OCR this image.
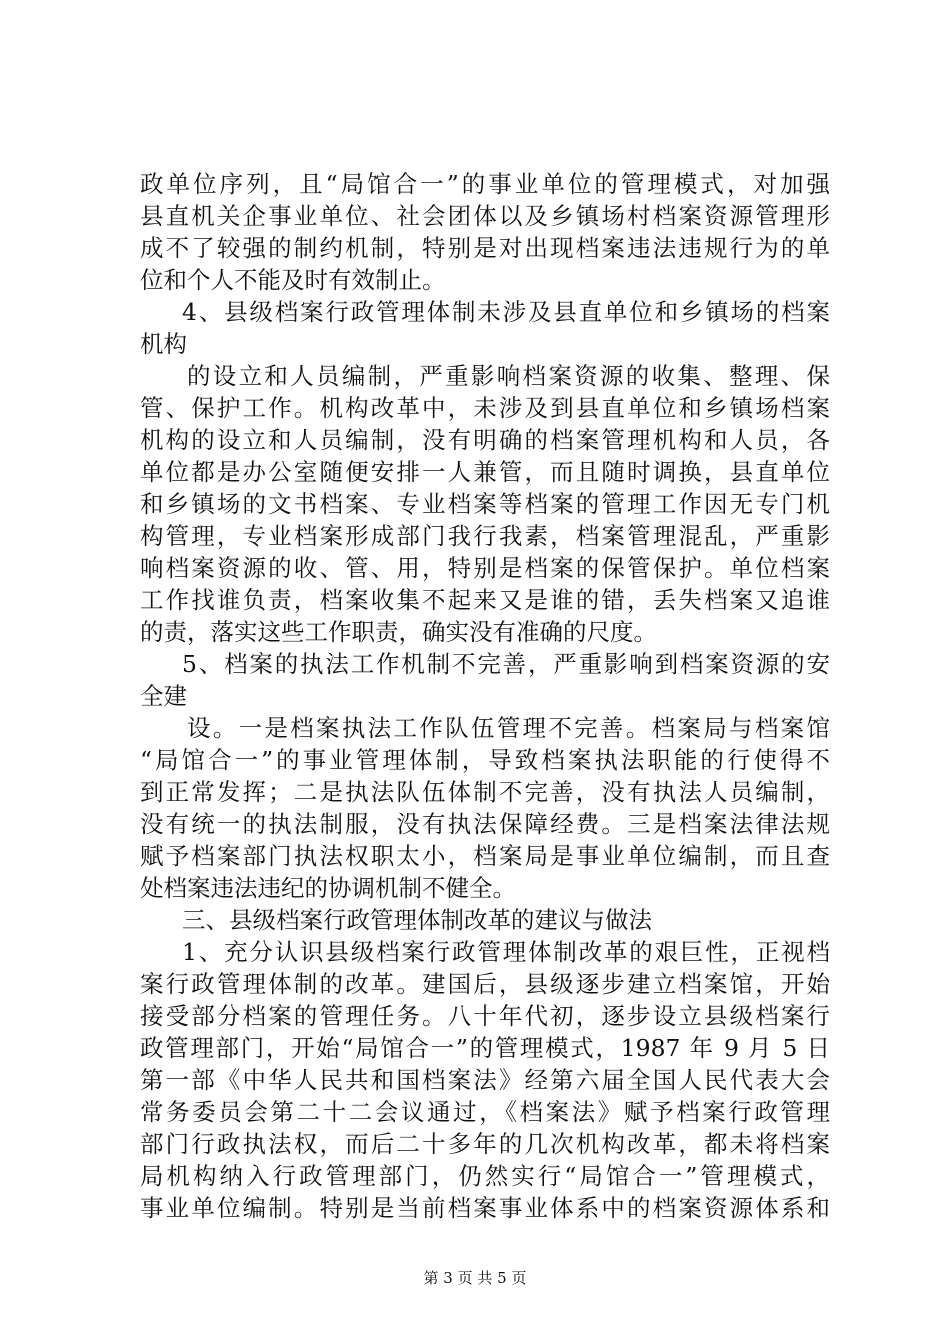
政单位序列，且“局馆合一”的事业单位的管理模式，对加强
县直机关企事业单位、社会团体以及乡镇场村档案资源管理形
成不了较强的制约机制，特别是对出现档案违法违规行为的单
位和个人不能及时有效制止。
4、县级档案行政管理体制未涉及县直单位和乡镇场的档案
机构
的设立和人员编制，严重影响档案资源的收集、整理、保
管、保护工作。机构改革中，未涉及到县直单位和乡镇场档案
机构的设立和人员编制，没有明确的档案管理机构和人员，各
单位都是办公室随便安排一人兼管，而且随时调换，县直单位
和乡镇场的文书档案、专业档案等档案的管理工作因无专门机
构管理，专业档案形成部门我行我素，档案管理混乱，严重影
响档案资源的收、管、用，特别是档案的保管保护。单位档案
工作找谁负责，档案收集不起来又是谁的错，丢失档案又追谁
的责，落实这些工作职责，确实没有准确的尺度。
5、档案的执法工作机制不完善，严重影响到档案资源的安
全建
设。一是档案执法工作队伍管理不完善。档案局与档案馆
“局馆合一”的事业管理体制，导致档案执法职能的行使得不
到正常发挥；二是执法队伍体制不完善，没有执法人员编制，
没有统一的执法制服，没有执法保障经费。三是档案法律法规
赋予档案部门执法权职太小，档案局是事业单位编制，而且查
处档案违法违纪的协调机制不健全。
三、县级档案行政管理体制改革的建议与做法
1、充分认识县级档案行政管理体制改革的艰巨性，正视档
案行政管理体制的改革。建国后，县级逐步建立档案馆，开始
接受部分档案的管理任务。八十年代初，逐步设立县级档案行
政管理部门，开始“局馆合一”的管理模式，1987 年 9 月 5 日
第一部《中华人民共和国档案法》经第六届全国人民代表大会
常务委员会第二十二会议通过，《档案法》赋予档案行政管理
部门行政执法权，而后二十多年的几次机构改革，都未将档案
局机构纳入行政管理部门，仍然实行“局馆合一”管理模式，
事业单位编制。特别是当前档案事业体系中的档案资源体系和
第 3 页 共 5 页
